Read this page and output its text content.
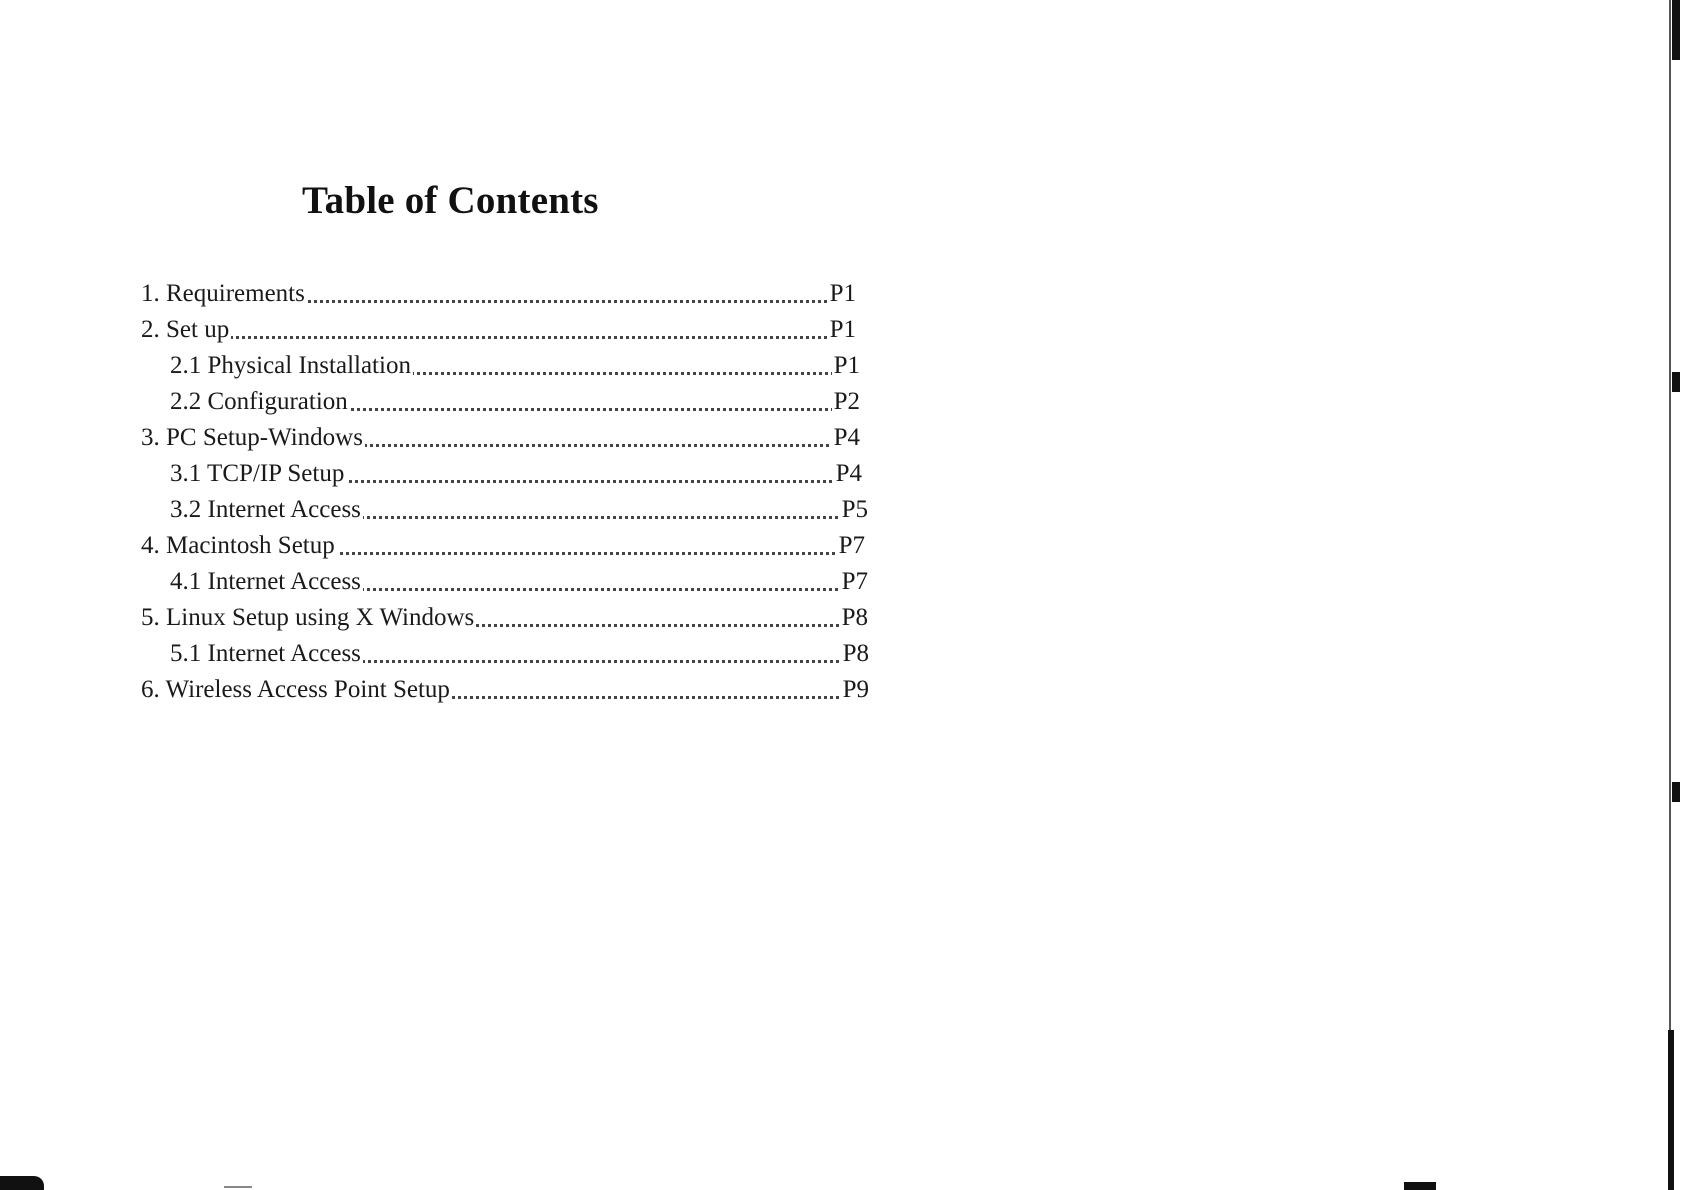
Table of Contents
1. Requirements	P1
2. Set up	P1
2.1 Physical Installation	P1
2.2 Configuration	P2
3. PC Setup-Windows	P4
3.1 TCP/IP Setup	P4
3.2 Internet Access	P5
4. Macintosh Setup	P7
4.1 Internet Access	P7
5. Linux Setup using X Windows	P8
5.1 Internet Access	P8
6. Wireless Access Point Setup	P9
